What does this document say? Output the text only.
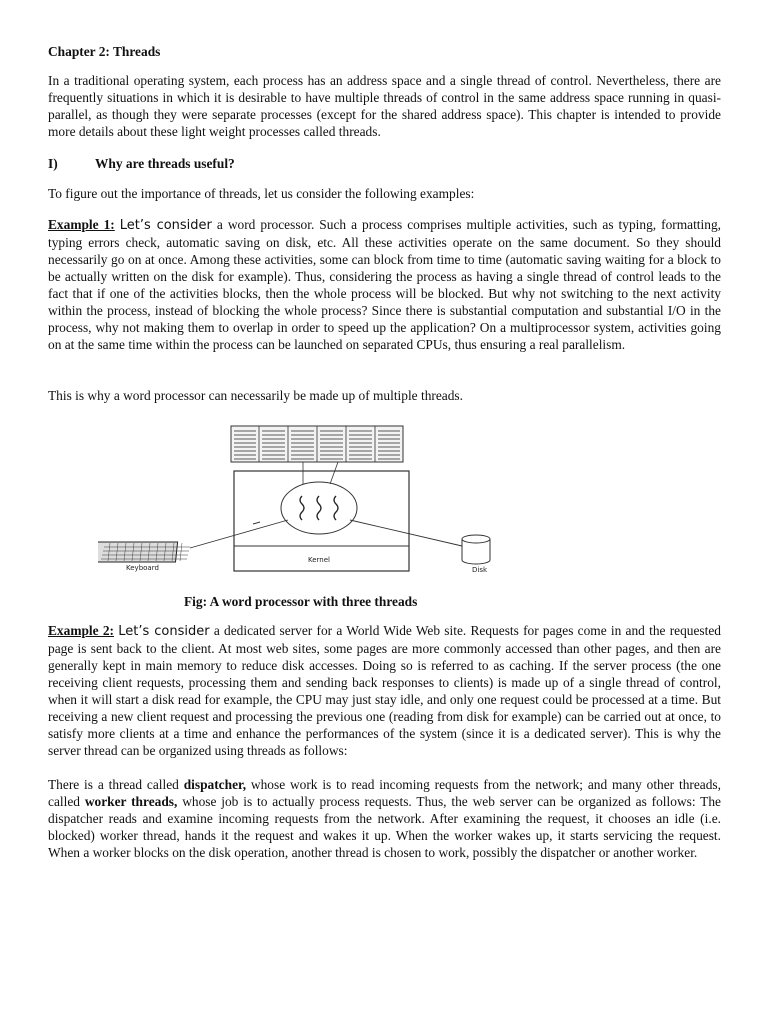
Chapter 2: Threads

In a traditional operating system, each process has an address space and a single thread of control. Nevertheless, there are frequently situations in which it is desirable to have multiple threads of control in the same address space running in quasi-parallel, as though they were separate processes (except for the shared address space). This chapter is intended to provide more details about these light weight processes called threads.

I)	Why are threads useful?

To figure out the importance of threads, let us consider the following examples:

Example 1: Let’s consider a word processor. Such a process comprises multiple activities, such as typing, formatting, typing errors check, automatic saving on disk, etc. All these activities operate on the same document. So they should necessarily go on at once. Among these activities, some can block from time to time (automatic saving waiting for a block to be actually written on the disk for example). Thus, considering the process as having a single thread of control leads to the fact that if one of the activities blocks, then the whole process will be blocked. But why not switching to the next activity within the process, instead of blocking the whole process? Since there is substantial computation and substantial I/O in the process, why not making them to overlap in order to speed up the application? On a multiprocessor system, activities going on at the same time within the process can be launched on separated CPUs, thus ensuring a real parallelism.

This is why a word processor can necessarily be made up of multiple threads.

Kernel
Keyboard	Disk
Fig: A word processor with three threads

Example 2: Let’s consider a dedicated server for a World Wide Web site. Requests for pages come in and the requested page is sent back to the client. At most web sites, some pages are more commonly accessed than other pages, and then are generally kept in main memory to reduce disk accesses. Doing so is referred to as caching. If the server process (the one receiving client requests, processing them and sending back responses to clients) is made up of a single thread of control, when it will start a disk read for example, the CPU may just stay idle, and only one request could be processed at a time. But receiving a new client request and processing the previous one (reading from disk for example) can be carried out at once, to satisfy more clients at a time and enhance the performances of the system (since it is a dedicated server). This is why the server thread can be organized using threads as follows:

There is a thread called dispatcher, whose work is to read incoming requests from the network; and many other threads, called worker threads, whose job is to actually process requests. Thus, the web server can be organized as follows: The dispatcher reads and examine incoming requests from the network. After examining the request, it chooses an idle (i.e. blocked) worker thread, hands it the request and wakes it up. When the worker wakes up, it starts servicing the request. When a worker blocks on the disk operation, another thread is chosen to work, possibly the dispatcher or another worker.
